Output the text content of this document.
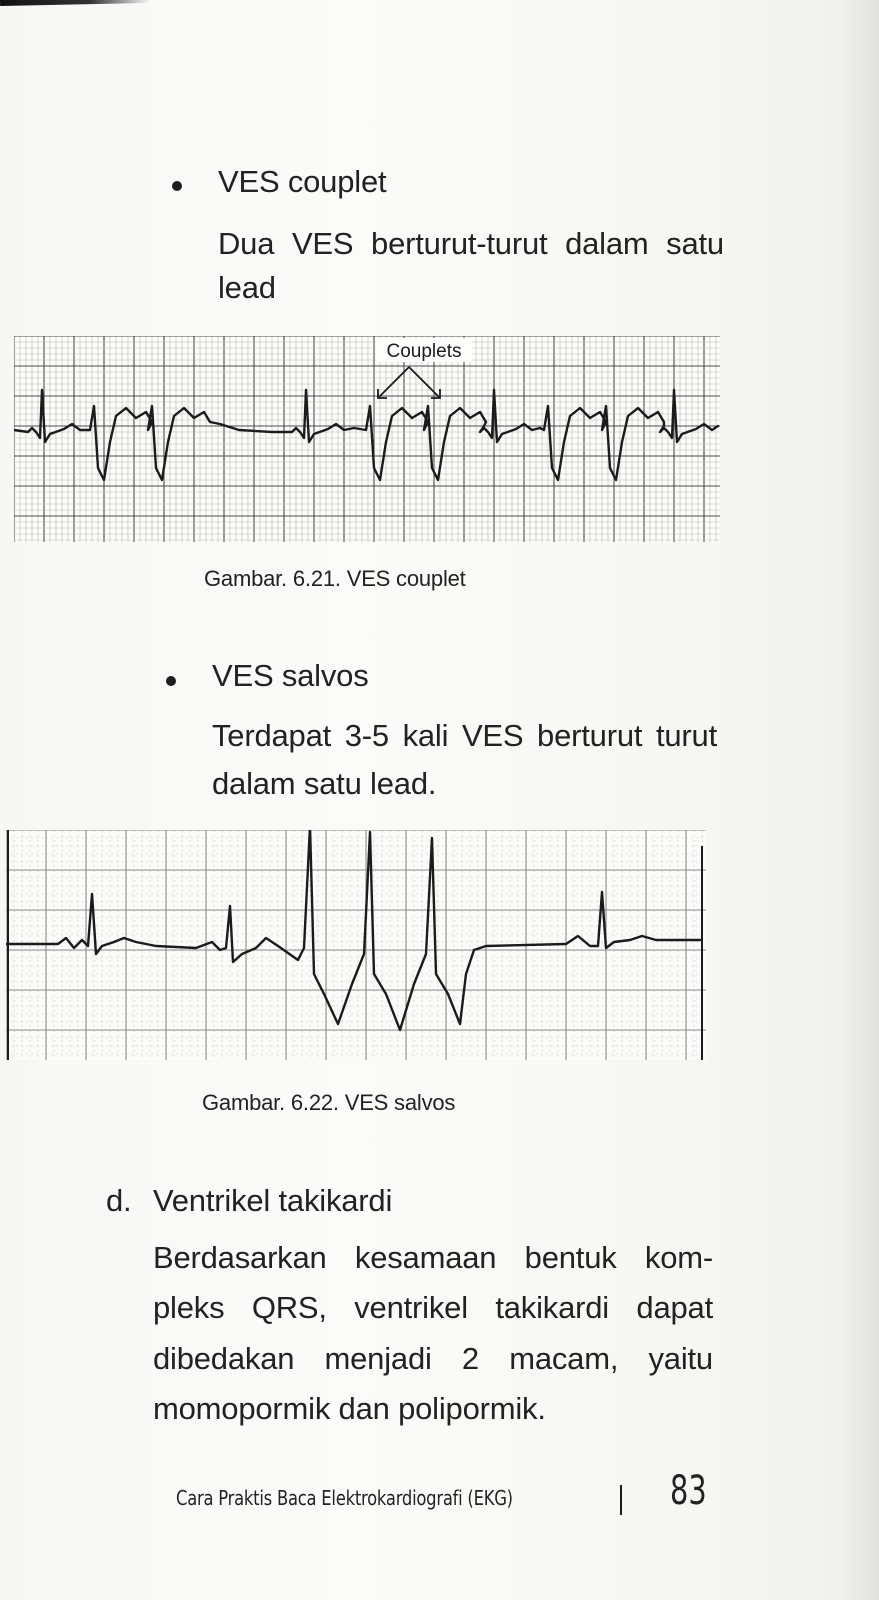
VES couplet
Dua VES berturut-turut dalam satu
lead
Couplets
Gambar. 6.21. VES couplet
VES salvos
Terdapat 3-5 kali VES berturut turut
dalam satu lead.
Gambar. 6.22. VES salvos
d. Ventrikel takikardi
Berdasarkan kesamaan bentuk kom-
pleks QRS, ventrikel takikardi dapat
dibedakan menjadi 2 macam, yaitu
momopormik dan polipormik.
Cara Praktis Baca Elektrokardiografi (EKG)	83
